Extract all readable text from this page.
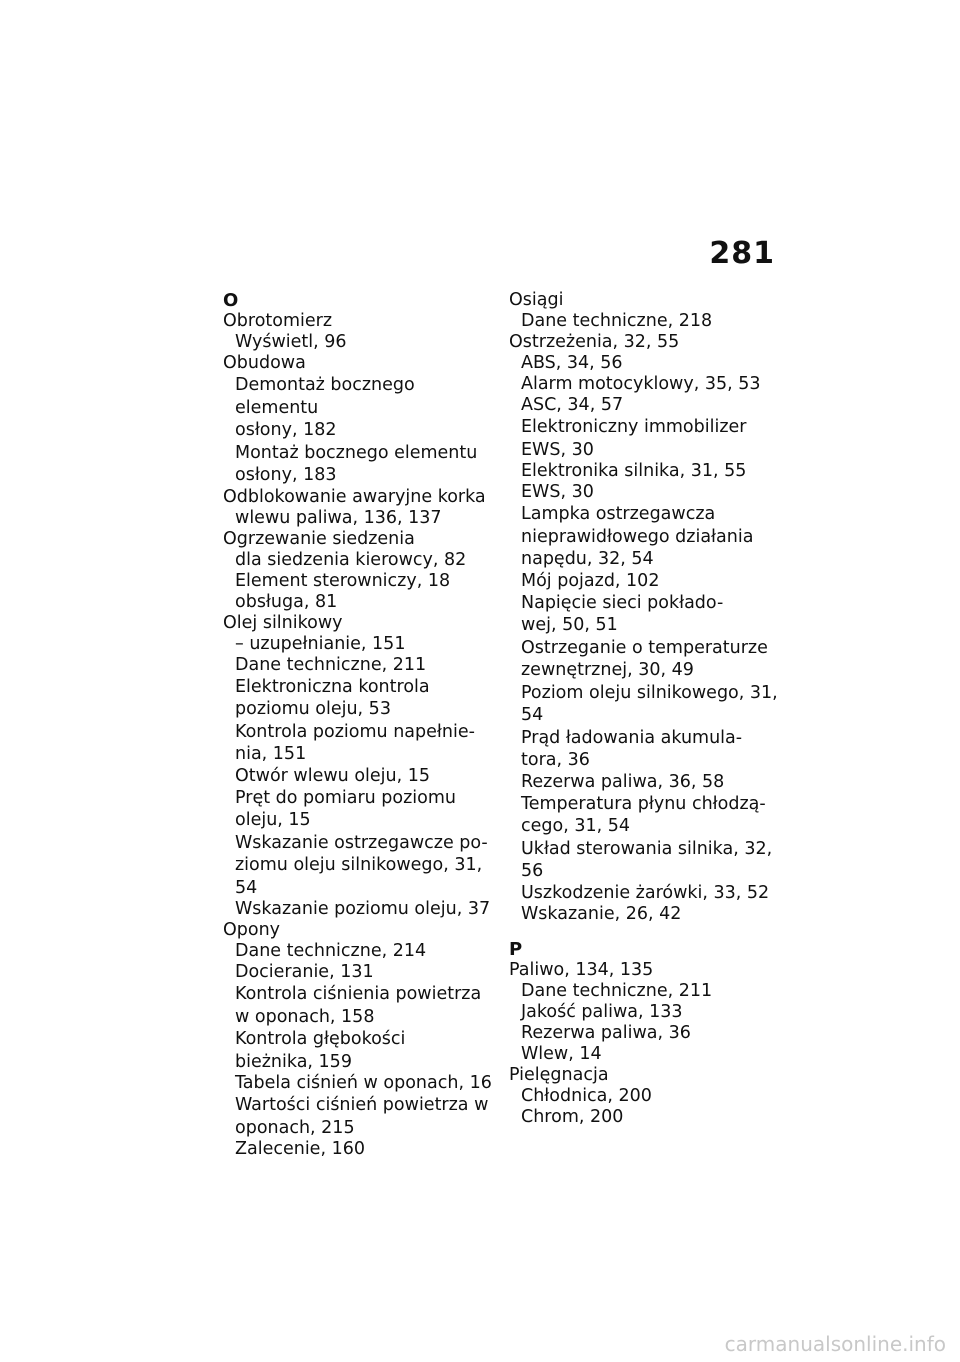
281
O
Obrotomierz
Wyświetl, 96
Obudowa
Demontaż bocznego elementu
osłony, 182
Montaż bocznego elementu
osłony, 183
Odblokowanie awaryjne korka
wlewu paliwa, 136, 137
Ogrzewanie siedzenia
dla siedzenia kierowcy, 82
Element sterowniczy, 18
obsługa, 81
Olej silnikowy
– uzupełnianie, 151
Dane techniczne, 211
Elektroniczna kontrola
poziomu oleju, 53
Kontrola poziomu napełnie-
nia, 151
Otwór wlewu oleju, 15
Pręt do pomiaru poziomu
oleju, 15
Wskazanie ostrzegawcze po-
ziomu oleju silnikowego, 31,
54
Wskazanie poziomu oleju, 37
Opony
Dane techniczne, 214
Docieranie, 131
Kontrola ciśnienia powietrza
w oponach, 158
Kontrola głębokości
bieżnika, 159
Tabela ciśnień w oponach, 16
Wartości ciśnień powietrza w
oponach, 215
Zalecenie, 160
Osiągi
Dane techniczne, 218
Ostrzeżenia, 32, 55
ABS, 34, 56
Alarm motocyklowy, 35, 53
ASC, 34, 57
Elektroniczny immobilizer
EWS, 30
Elektronika silnika, 31, 55
EWS, 30
Lampka ostrzegawcza
nieprawidłowego działania
napędu, 32, 54
Mój pojazd, 102
Napięcie sieci pokłado-
wej, 50, 51
Ostrzeganie o temperaturze
zewnętrznej, 30, 49
Poziom oleju silnikowego, 31,
54
Prąd ładowania akumula-
tora, 36
Rezerwa paliwa, 36, 58
Temperatura płynu chłodzą-
cego, 31, 54
Układ sterowania silnika, 32,
56
Uszkodzenie żarówki, 33, 52
Wskazanie, 26, 42
P
Paliwo, 134, 135
Dane techniczne, 211
Jakość paliwa, 133
Rezerwa paliwa, 36
Wlew, 14
Pielęgnacja
Chłodnica, 200
Chrom, 200
carmanualsonline.info
